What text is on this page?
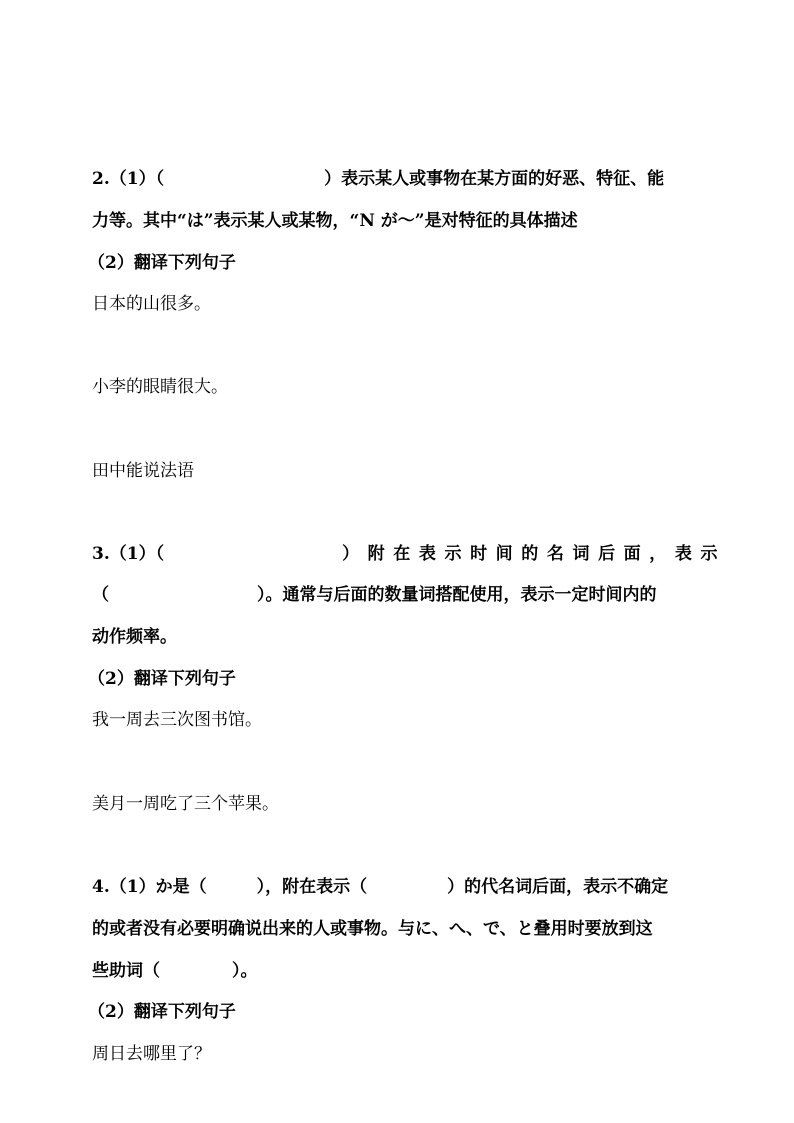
2.（1）（	）表示某人或事物在某方面的好恶、特征、能
力等。其中“は”表示某人或某物，“N が～”是对特征的具体描述
（2）翻译下列句子
日本的山很多。
小李的眼睛很大。
田中能说法语
3.（1）（	）附在表示时间的名词后面，表示
（	）。通常与后面的数量词搭配使用，表示一定时间内的
动作频率。
（2）翻译下列句子
我一周去三次图书馆。
美月一周吃了三个苹果。
4.（1）か是（	），附在表示（	）的代名词后面，表示不确定
的或者没有必要明确说出来的人或事物。与に、へ、で、と叠用时要放到这
些助词（	）。
（2）翻译下列句子
周日去哪里了？
